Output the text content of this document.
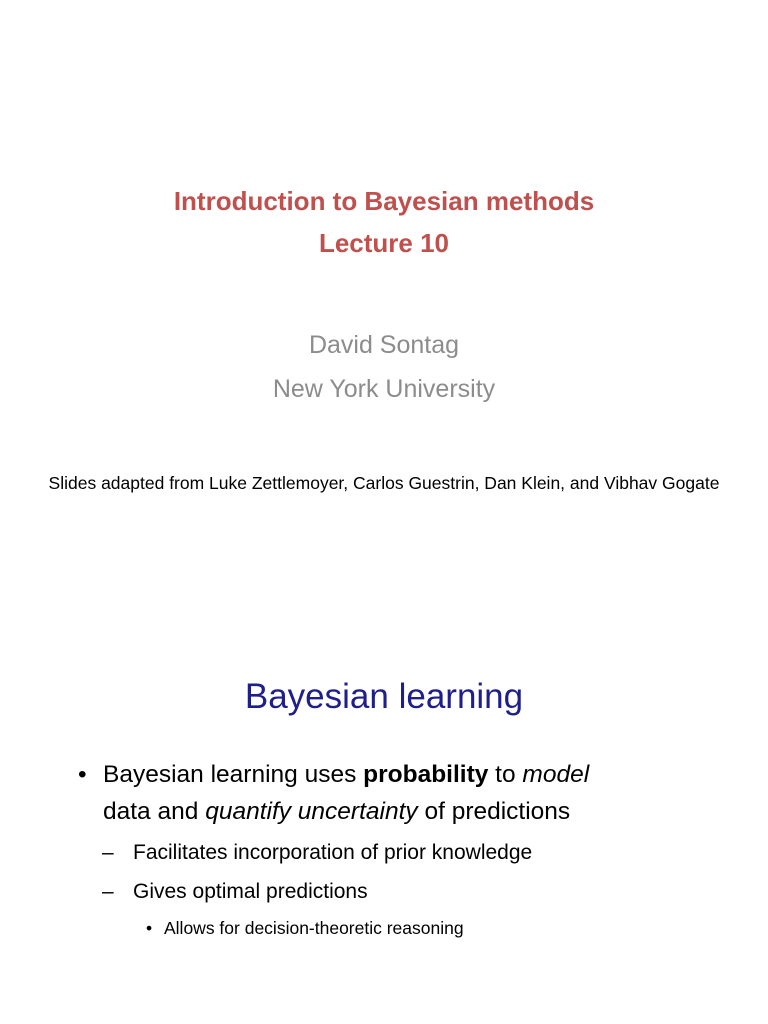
Introduction to Bayesian methods
Lecture 10
David Sontag
New York University
Slides adapted from Luke Zettlemoyer, Carlos Guestrin, Dan Klein, and Vibhav Gogate
Bayesian learning
• Bayesian learning uses probability to model
data and quantify uncertainty of predictions
– Facilitates incorporation of prior knowledge
– Gives optimal predictions
• Allows for decision-theoretic reasoning
